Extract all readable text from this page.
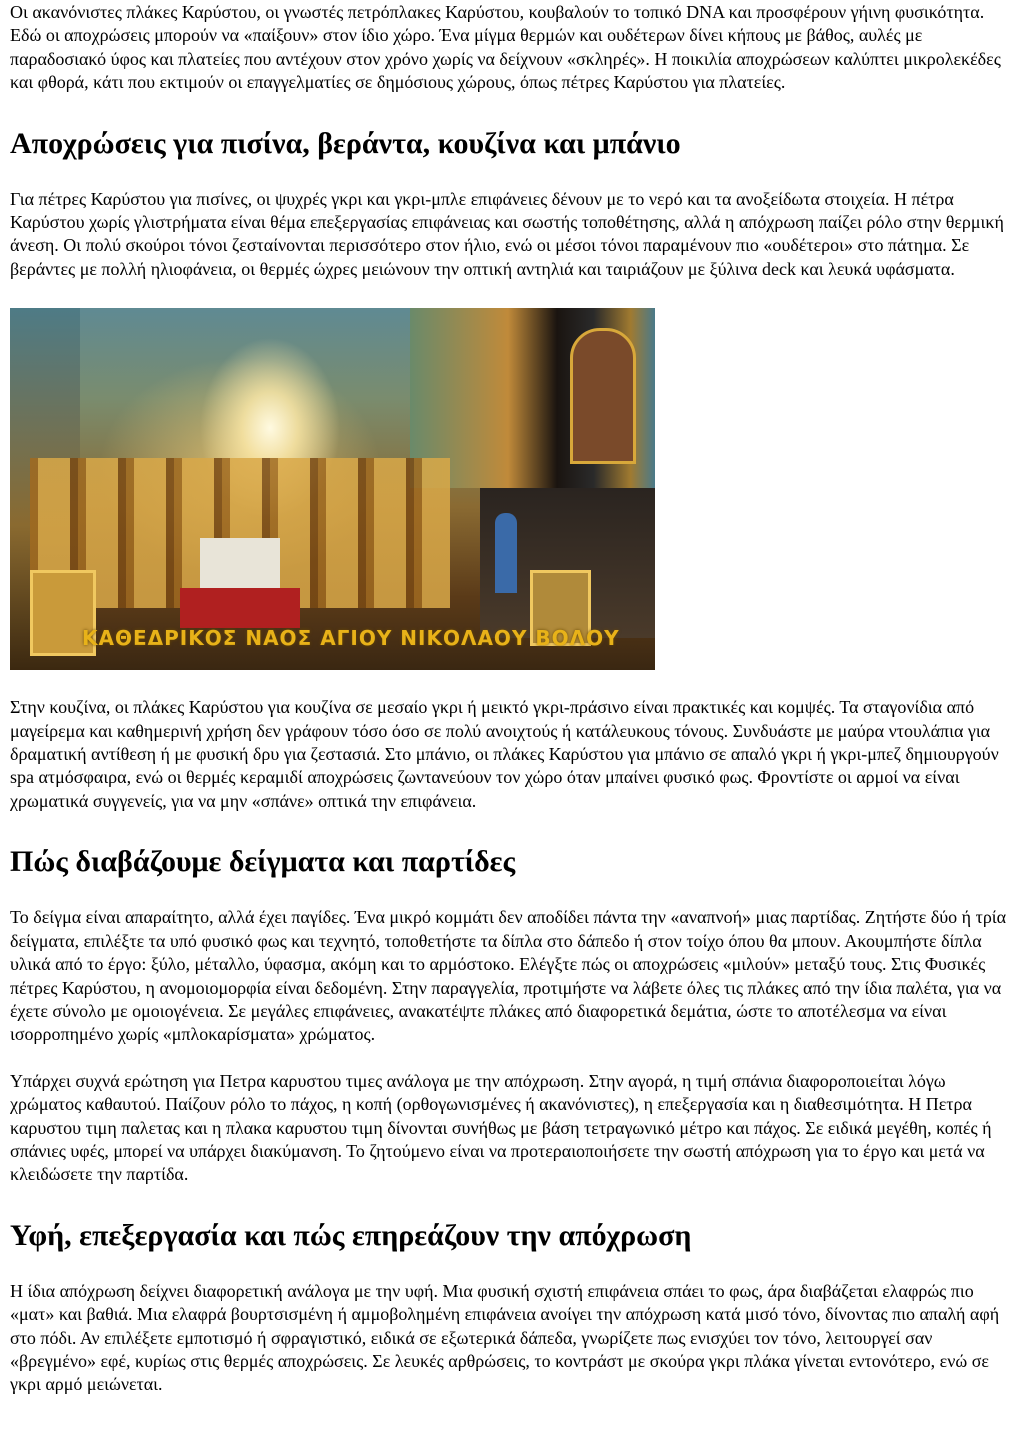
Οι ακανόνιστες πλάκες Καρύστου, οι γνωστές πετρόπλακες Καρύστου, κουβαλούν το τοπικό DNA και προσφέρουν γήινη φυσικότητα. Εδώ οι αποχρώσεις μπορούν να «παίξουν» στον ίδιο χώρο. Ένα μίγμα θερμών και ουδέτερων δίνει κήπους με βάθος, αυλές με παραδοσιακό ύφος και πλατείες που αντέχουν στον χρόνο χωρίς να δείχνουν «σκληρές». Η ποικιλία αποχρώσεων καλύπτει μικρολεκέδες και φθορά, κάτι που εκτιμούν οι επαγγελματίες σε δημόσιους χώρους, όπως πέτρες Καρύστου για πλατείες.

Αποχρώσεις για πισίνα, βεράντα, κουζίνα και μπάνιο

Για πέτρες Καρύστου για πισίνες, οι ψυχρές γκρι και γκρι-μπλε επιφάνειες δένουν με το νερό και τα ανοξείδωτα στοιχεία. Η πέτρα Καρύστου χωρίς γλιστρήματα είναι θέμα επεξεργασίας επιφάνειας και σωστής τοποθέτησης, αλλά η απόχρωση παίζει ρόλο στην θερμική άνεση. Οι πολύ σκούροι τόνοι ζεσταίνονται περισσότερο στον ήλιο, ενώ οι μέσοι τόνοι παραμένουν πιο «ουδέτεροι» στο πάτημα. Σε βεράντες με πολλή ηλιοφάνεια, οι θερμές ώχρες μειώνουν την οπτική αντηλιά και ταιριάζουν με ξύλινα deck και λευκά υφάσματα.

ΚΑΘΕΔΡΙΚΟΣ ΝΑΟΣ ΑΓΙΟΥ ΝΙΚΟΛΑΟΥ ΒΟΛΟΥ

Στην κουζίνα, οι πλάκες Καρύστου για κουζίνα σε μεσαίο γκρι ή μεικτό γκρι-πράσινο είναι πρακτικές και κομψές. Τα σταγονίδια από μαγείρεμα και καθημερινή χρήση δεν γράφουν τόσο όσο σε πολύ ανοιχτούς ή κατάλευκους τόνους. Συνδυάστε με μαύρα ντουλάπια για δραματική αντίθεση ή με φυσική δρυ για ζεστασιά. Στο μπάνιο, οι πλάκες Καρύστου για μπάνιο σε απαλό γκρι ή γκρι-μπεζ δημιουργούν spa ατμόσφαιρα, ενώ οι θερμές κεραμιδί αποχρώσεις ζωντανεύουν τον χώρο όταν μπαίνει φυσικό φως. Φροντίστε οι αρμοί να είναι χρωματικά συγγενείς, για να μην «σπάνε» οπτικά την επιφάνεια.

Πώς διαβάζουμε δείγματα και παρτίδες

Το δείγμα είναι απαραίτητο, αλλά έχει παγίδες. Ένα μικρό κομμάτι δεν αποδίδει πάντα την «αναπνοή» μιας παρτίδας. Ζητήστε δύο ή τρία δείγματα, επιλέξτε τα υπό φυσικό φως και τεχνητό, τοποθετήστε τα δίπλα στο δάπεδο ή στον τοίχο όπου θα μπουν. Ακουμπήστε δίπλα υλικά από το έργο: ξύλο, μέταλλο, ύφασμα, ακόμη και το αρμόστοκο. Ελέγξτε πώς οι αποχρώσεις «μιλούν» μεταξύ τους. Στις Φυσικές πέτρες Καρύστου, η ανομοιομορφία είναι δεδομένη. Στην παραγγελία, προτιμήστε να λάβετε όλες τις πλάκες από την ίδια παλέτα, για να έχετε σύνολο με ομοιογένεια. Σε μεγάλες επιφάνειες, ανακατέψτε πλάκες από διαφορετικά δεμάτια, ώστε το αποτέλεσμα να είναι ισορροπημένο χωρίς «μπλοκαρίσματα» χρώματος.

Υπάρχει συχνά ερώτηση για Πετρα καρυστου τιμες ανάλογα με την απόχρωση. Στην αγορά, η τιμή σπάνια διαφοροποιείται λόγω χρώματος καθαυτού. Παίζουν ρόλο το πάχος, η κοπή (ορθογωνισμένες ή ακανόνιστες), η επεξεργασία και η διαθεσιμότητα. Η Πετρα καρυστου τιμη παλετας και η πλακα καρυστου τιμη δίνονται συνήθως με βάση τετραγωνικό μέτρο και πάχος. Σε ειδικά μεγέθη, κοπές ή σπάνιες υφές, μπορεί να υπάρχει διακύμανση. Το ζητούμενο είναι να προτεραιοποιήσετε την σωστή απόχρωση για το έργο και μετά να κλειδώσετε την παρτίδα.

Υφή, επεξεργασία και πώς επηρεάζουν την απόχρωση

Η ίδια απόχρωση δείχνει διαφορετική ανάλογα με την υφή. Μια φυσική σχιστή επιφάνεια σπάει το φως, άρα διαβάζεται ελαφρώς πιο «ματ» και βαθιά. Μια ελαφρά βουρτσισμένη ή αμμοβολημένη επιφάνεια ανοίγει την απόχρωση κατά μισό τόνο, δίνοντας πιο απαλή αφή στο πόδι. Αν επιλέξετε εμποτισμό ή σφραγιστικό, ειδικά σε εξωτερικά δάπεδα, γνωρίζετε πως ενισχύει τον τόνο, λειτουργεί σαν «βρεγμένο» εφέ, κυρίως στις θερμές αποχρώσεις. Σε λευκές αρθρώσεις, το κοντράστ με σκούρα γκρι πλάκα γίνεται εντονότερο, ενώ σε γκρι αρμό μειώνεται.
